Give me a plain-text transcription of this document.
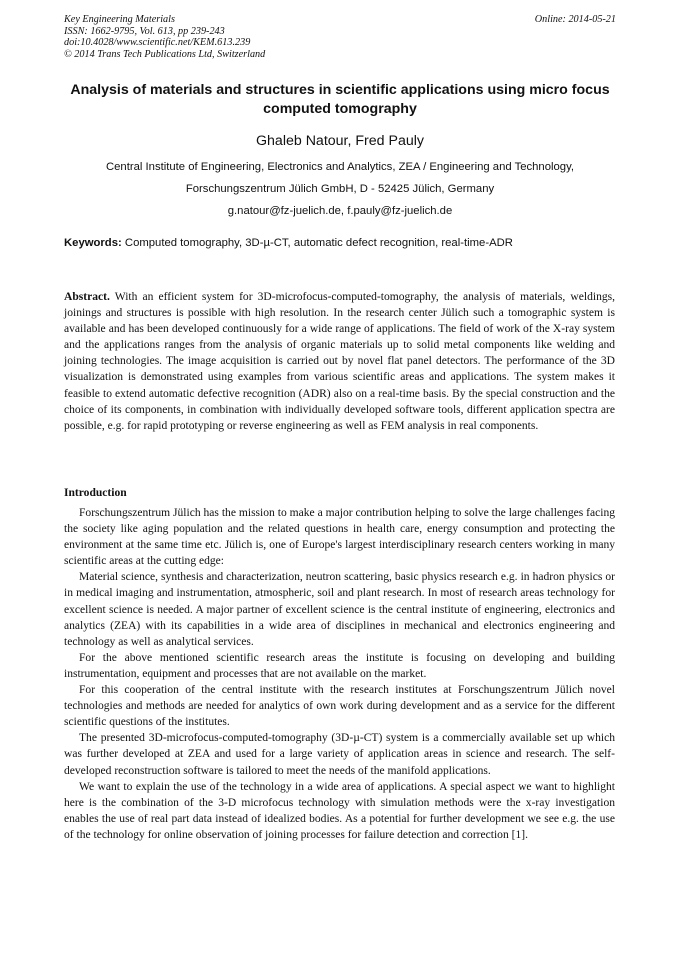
Key Engineering Materials
ISSN: 1662-9795, Vol. 613, pp 239-243
doi:10.4028/www.scientific.net/KEM.613.239
© 2014 Trans Tech Publications Ltd, Switzerland
Online: 2014-05-21
Analysis of materials and structures in scientific applications using micro focus computed tomography
Ghaleb Natour, Fred Pauly
Central Institute of Engineering, Electronics and Analytics, ZEA / Engineering and Technology,
Forschungszentrum Jülich GmbH, D - 52425 Jülich, Germany
g.natour@fz-juelich.de, f.pauly@fz-juelich.de
Keywords: Computed tomography, 3D-µ-CT, automatic defect recognition, real-time-ADR
Abstract. With an efficient system for 3D-microfocus-computed-tomography, the analysis of materials, weldings, joinings and structures is possible with high resolution. In the research center Jülich such a tomographic system is available and has been developed continuously for a wide range of applications. The field of work of the X-ray system and the applications ranges from the analysis of organic materials up to solid metal components like welding and joining technologies. The image acquisition is carried out by novel flat panel detectors. The performance of the 3D visualization is demonstrated using examples from various scientific areas and applications. The system makes it feasible to extend automatic defective recognition (ADR) also on a real-time basis. By the special construction and the choice of its components, in combination with individually developed software tools, different application spectra are possible, e.g. for rapid prototyping or reverse engineering as well as FEM analysis in real components.
Introduction

Forschungszentrum Jülich has the mission to make a major contribution helping to solve the large challenges facing the society like aging population and the related questions in health care, energy consumption and protecting the environment at the same time etc. Jülich is, one of Europe's largest interdisciplinary research centers working in many scientific areas at the cutting edge:

Material science, synthesis and characterization, neutron scattering, basic physics research e.g. in hadron physics or in medical imaging and instrumentation, atmospheric, soil and plant research. In most of research areas technology for excellent science is needed. A major partner of excellent science is the central institute of engineering, electronics and analytics (ZEA) with its capabilities in a wide area of disciplines in mechanical and electronics engineering and technology as well as analytical services.

For the above mentioned scientific research areas the institute is focusing on developing and building instrumentation, equipment and processes that are not available on the market.

For this cooperation of the central institute with the research institutes at Forschungszentrum Jülich novel technologies and methods are needed for analytics of own work during development and as a service for the different scientific questions of the institutes.

The presented 3D-microfocus-computed-tomography (3D-µ-CT) system is a commercially available set up which was further developed at ZEA and used for a large variety of application areas in science and research. The self-developed reconstruction software is tailored to meet the needs of the manifold applications.

We want to explain the use of the technology in a wide area of applications. A special aspect we want to highlight here is the combination of the 3-D microfocus technology with simulation methods were the x-ray investigation enables the use of real part data instead of idealized bodies. As a potential for further development we see e.g. the use of the technology for online observation of joining processes for failure detection and correction [1].
